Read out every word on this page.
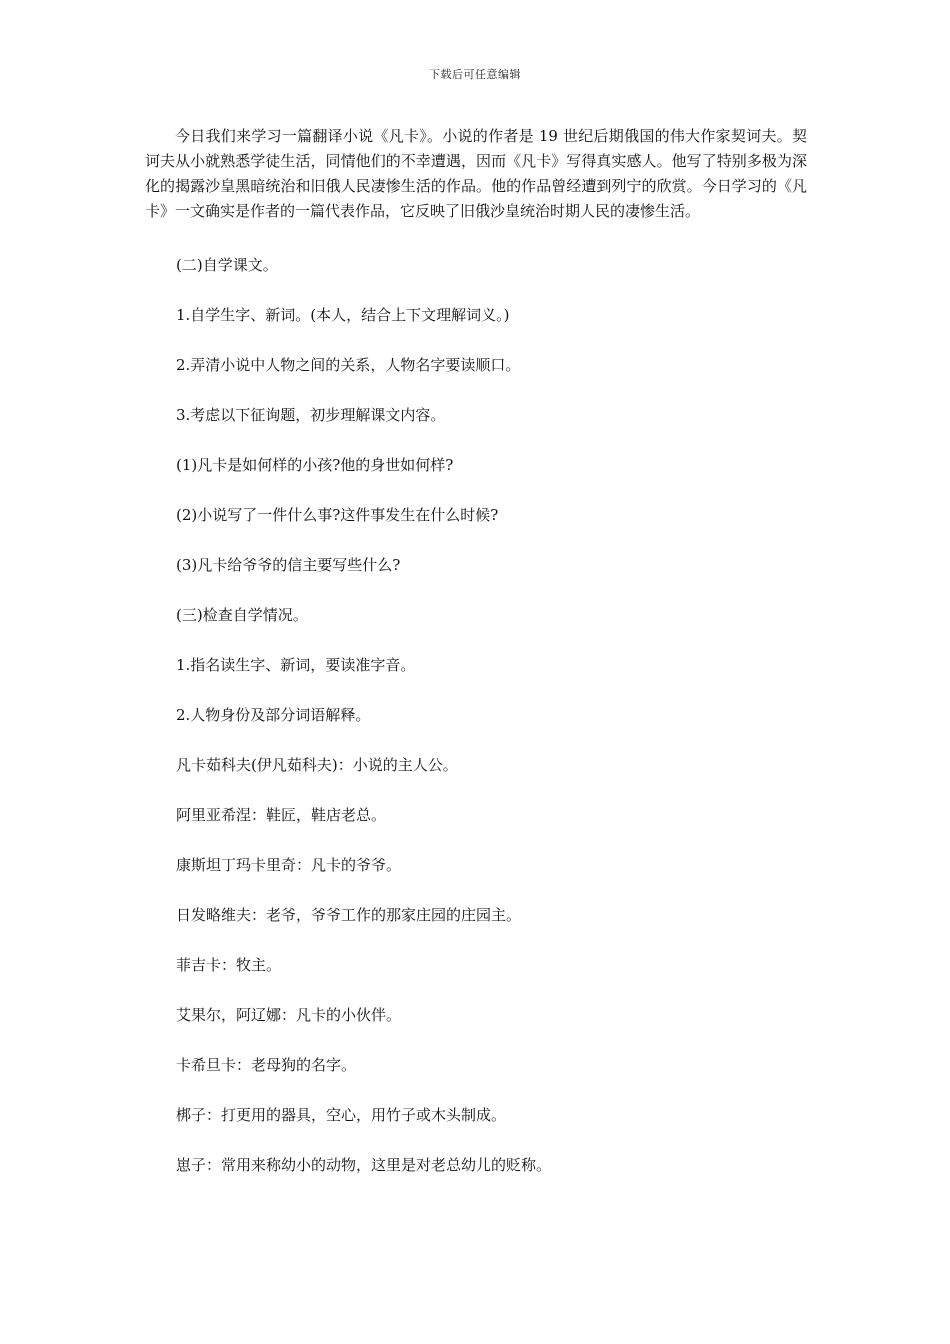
下载后可任意编辑

今日我们来学习一篇翻译小说《凡卡》。小说的作者是 19 世纪后期俄国的伟大作家契诃夫。契诃夫从小就熟悉学徒生活，同情他们的不幸遭遇，因而《凡卡》写得真实感人。他写了特别多极为深化的揭露沙皇黑暗统治和旧俄人民凄惨生活的作品。他的作品曾经遭到列宁的欣赏。今日学习的《凡卡》一文确实是作者的一篇代表作品，它反映了旧俄沙皇统治时期人民的凄惨生活。

(二)自学课文。

1.自学生字、新词。(本人，结合上下文理解词义。)

2.弄清小说中人物之间的关系，人物名字要读顺口。

3.考虑以下征询题，初步理解课文内容。

(1)凡卡是如何样的小孩?他的身世如何样?

(2)小说写了一件什么事?这件事发生在什么时候?

(3)凡卡给爷爷的信主要写些什么?

(三)检查自学情况。

1.指名读生字、新词，要读准字音。

2.人物身份及部分词语解释。

凡卡茹科夫(伊凡茹科夫)：小说的主人公。

阿里亚希涅：鞋匠，鞋店老总。

康斯坦丁玛卡里奇：凡卡的爷爷。

日发略维夫：老爷，爷爷工作的那家庄园的庄园主。

菲吉卡：牧主。

艾果尔，阿辽娜：凡卡的小伙伴。

卡希旦卡：老母狗的名字。

梆子：打更用的器具，空心，用竹子或木头制成。

崽子：常用来称幼小的动物，这里是对老总幼儿的贬称。
